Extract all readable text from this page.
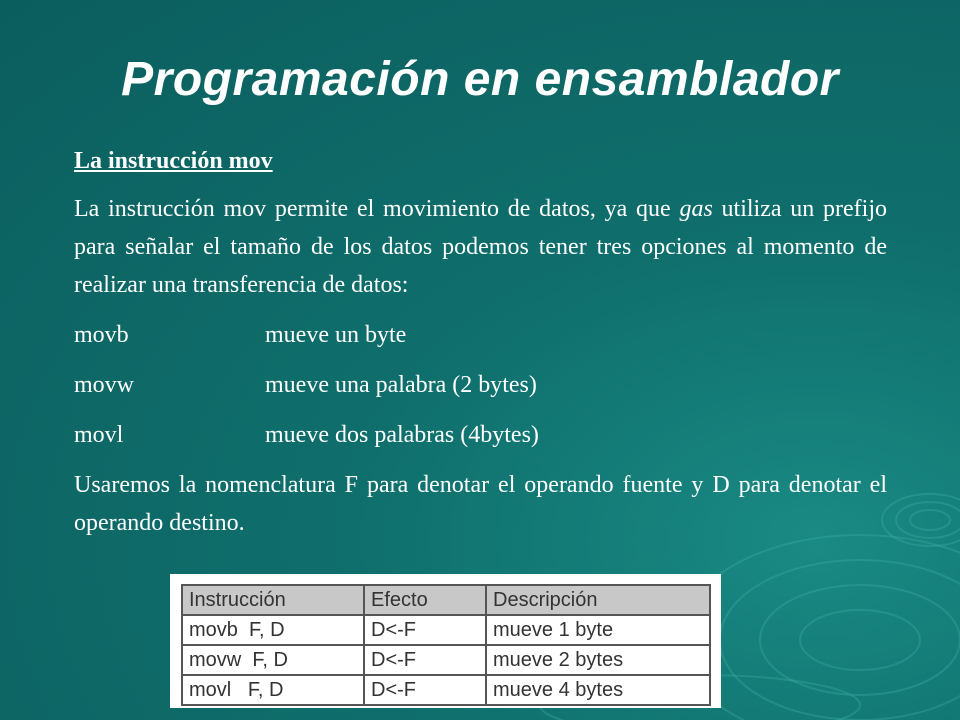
Programación en ensamblador

La instrucción mov

La instrucción mov permite el movimiento de datos, ya que gas utiliza un prefijo para señalar el tamaño de los datos podemos tener tres opciones al momento de realizar una transferencia de datos:

movb	mueve un byte
movw	mueve una palabra (2 bytes)
movl	mueve dos palabras (4bytes)

Usaremos la nomenclatura F para denotar el operando fuente y D para denotar el operando destino.

Instrucción	Efecto	Descripción
movb  F, D	D<-F	mueve 1 byte
movw  F, D	D<-F	mueve 2 bytes
movl   F, D	D<-F	mueve 4 bytes
